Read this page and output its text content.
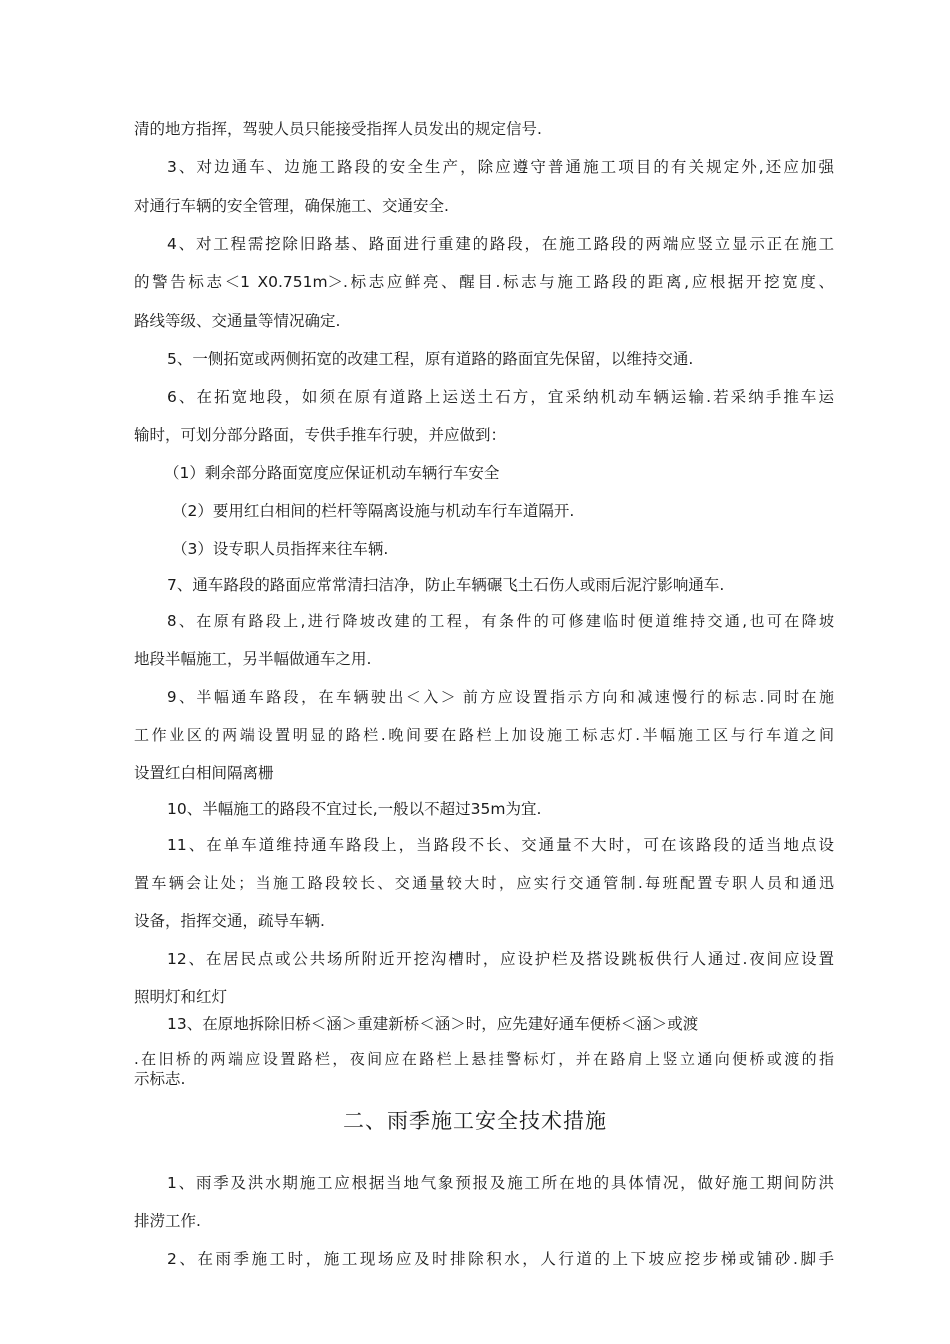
清的地方指挥，驾驶人员只能接受指挥人员发出的规定信号.
3、对边通车、边施工路段的安全生产，除应遵守普通施工项目的有关规定外,还应加强
对通行车辆的安全管理，确保施工、交通安全.
4、对工程需挖除旧路基、路面进行重建的路段，在施工路段的两端应竖立显示正在施工
的警告标志＜1 X0.751m＞.标志应鲜亮、醒目.标志与施工路段的距离,应根据开挖宽度、
路线等级、交通量等情况确定.
5、一侧拓宽或两侧拓宽的改建工程，原有道路的路面宜先保留，以维持交通.
6、在拓宽地段，如须在原有道路上运送土石方，宜采纳机动车辆运输.若采纳手推车运
输时，可划分部分路面，专供手推车行驶，并应做到：
（1）剩余部分路面宽度应保证机动车辆行车安全
（2）要用红白相间的栏杆等隔离设施与机动车行车道隔开.
（3）设专职人员指挥来往车辆.
7、通车路段的路面应常常清扫洁净，防止车辆碾飞土石伤人或雨后泥泞影响通车.
8、在原有路段上,进行降坡改建的工程，有条件的可修建临时便道维持交通,也可在降坡
地段半幅施工，另半幅做通车之用.
9、半幅通车路段，在车辆驶出＜入＞ 前方应设置指示方向和减速慢行的标志.同时在施
工作业区的两端设置明显的路栏.晚间要在路栏上加设施工标志灯.半幅施工区与行车道之间
设置红白相间隔离栅
10、半幅施工的路段不宜过长,一般以不超过35m为宜.
11、在单车道维持通车路段上，当路段不长、交通量不大时，可在该路段的适当地点设
置车辆会让处；当施工路段较长、交通量较大时，应实行交通管制.每班配置专职人员和通迅
设备，指挥交通，疏导车辆.
12、在居民点或公共场所附近开挖沟槽时，应设护栏及搭设跳板供行人通过.夜间应设置
照明灯和红灯
13、在原地拆除旧桥＜涵＞重建新桥＜涵＞时，应先建好通车便桥＜涵＞或渡
.在旧桥的两端应设置路栏，夜间应在路栏上悬挂警标灯，并在路肩上竖立通向便桥或渡的指
示标志.
二、雨季施工安全技术措施
1、雨季及洪水期施工应根据当地气象预报及施工所在地的具体情况，做好施工期间防洪
排涝工作.
2、在雨季施工时，施工现场应及时排除积水，人行道的上下坡应挖步梯或铺砂.脚手
